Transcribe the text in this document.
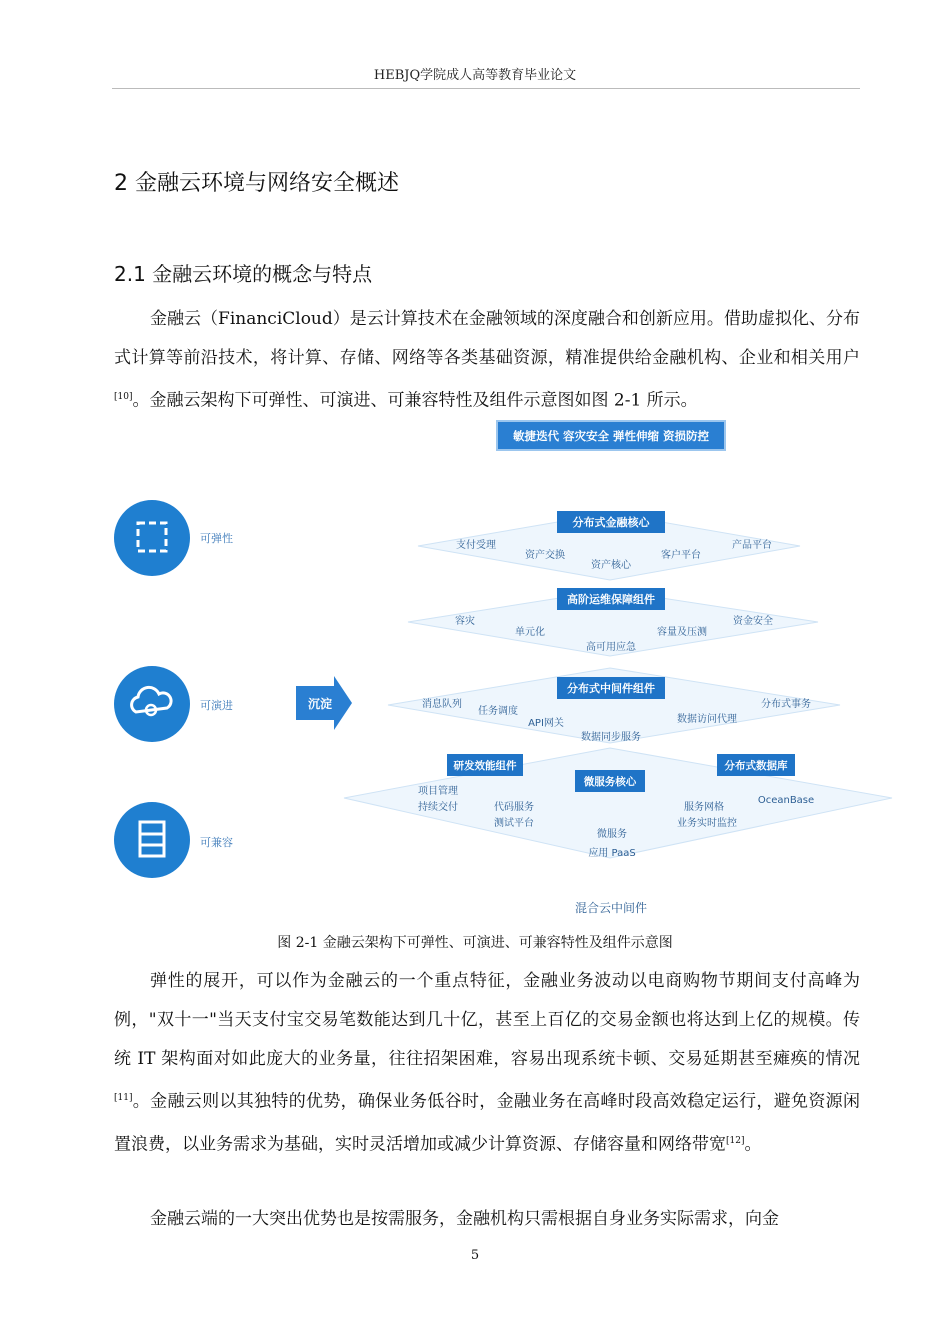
HEBJQ学院成人高等教育毕业论文
2 金融云环境与网络安全概述
2.1 金融云环境的概念与特点

金融云（FinanciCloud）是云计算技术在金融领域的深度融合和创新应用。借助虚拟化、分布式计算等前沿技术，将计算、存储、网络等各类基础资源，精准提供给金融机构、企业和相关用户[10]。金融云架构下可弹性、可演进、可兼容特性及组件示意图如图 2-1 所示。

敏捷迭代 容灾安全 弹性伸缩 资损防控
可弹性
可演进
可兼容
沉淀
分布式金融核心
支付受理
资产交换
资产核心
客户平台
产品平台
高阶运维保障组件
容灾
单元化
高可用应急
容量及压测
资金安全
分布式中间件组件
消息队列
任务调度
API网关
数据同步服务
数据访问代理
分布式事务
研发效能组件
微服务核心
分布式数据库
项目管理
持续交付	代码服务
测试平台
微服务
应用 PaaS
服务网格
业务实时监控
OceanBase
混合云中间件
图 2-1 金融云架构下可弹性、可演进、可兼容特性及组件示意图

弹性的展开，可以作为金融云的一个重点特征，金融业务波动以电商购物节期间支付高峰为例，"双十一"当天支付宝交易笔数能达到几十亿，甚至上百亿的交易金额也将达到上亿的规模。传统 IT 架构面对如此庞大的业务量，往往招架困难，容易出现系统卡顿、交易延期甚至瘫痪的情况[11]。金融云则以其独特的优势，确保业务低谷时，金融业务在高峰时段高效稳定运行，避免资源闲置浪费，以业务需求为基础，实时灵活增加或减少计算资源、存储容量和网络带宽[12]。

金融云端的一大突出优势也是按需服务，金融机构只需根据自身业务实际需求，向金

5
